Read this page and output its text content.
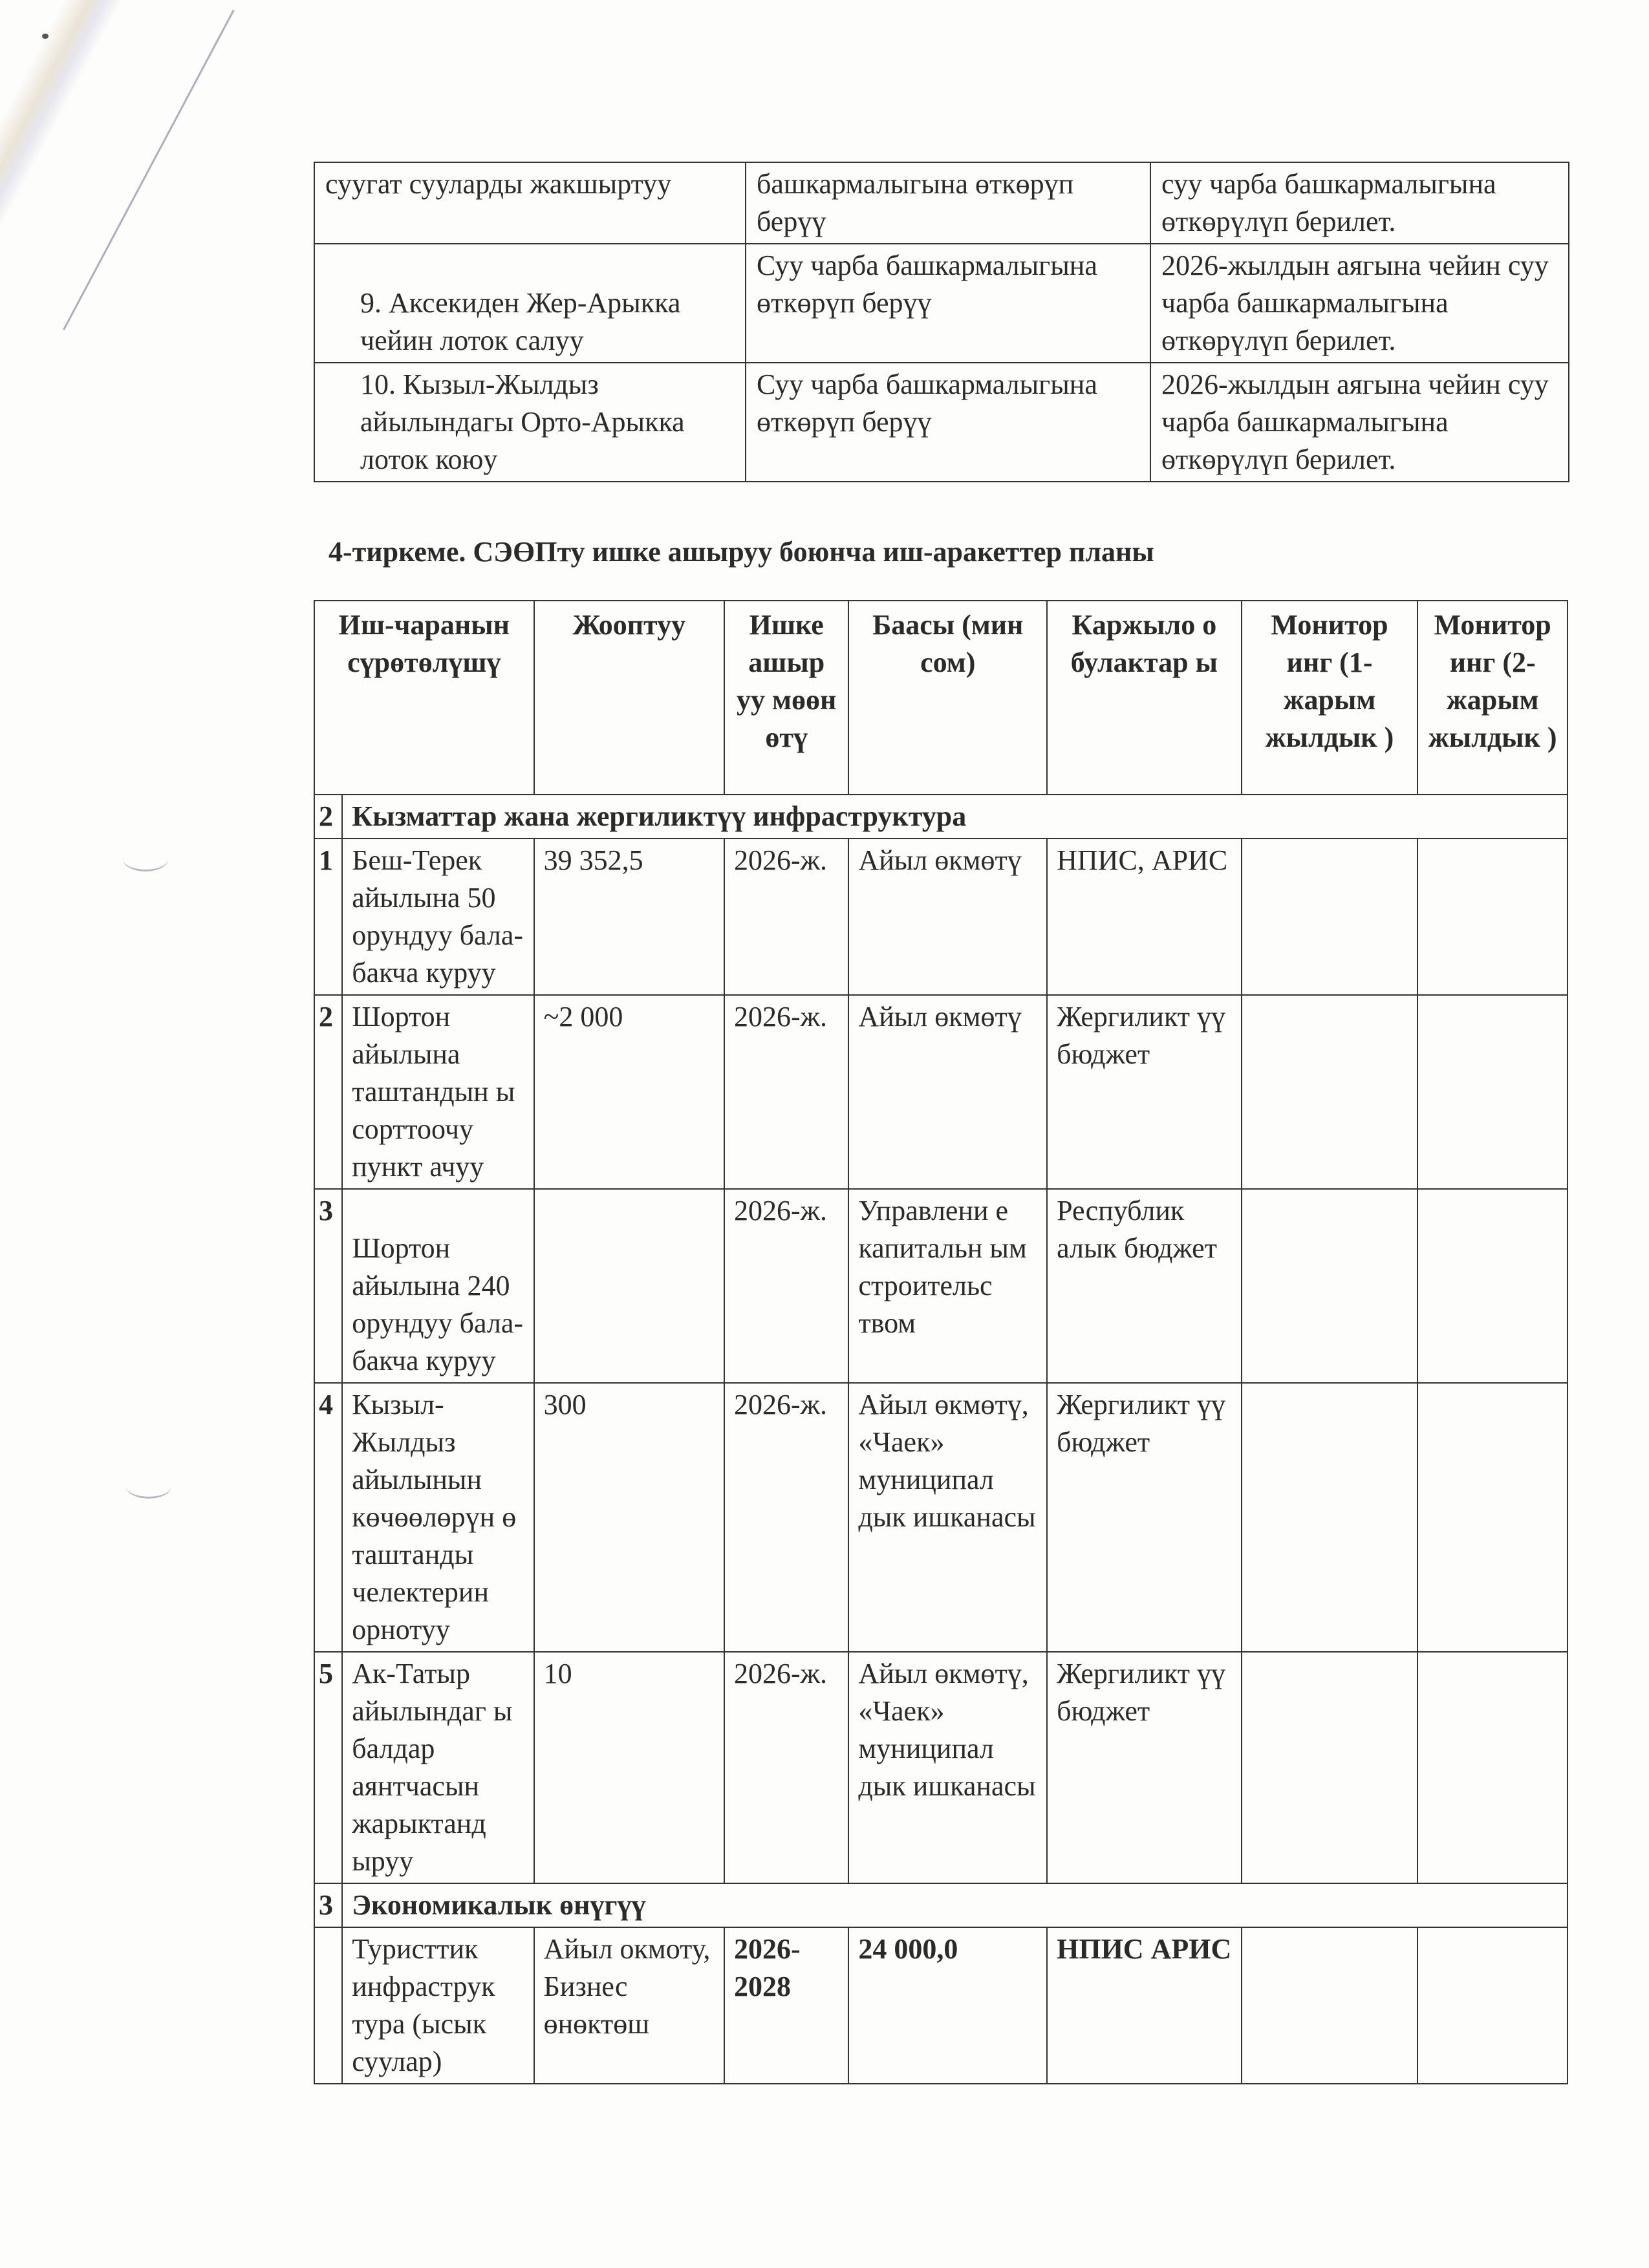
суугат сууларды жакшыртуу	башкармалыгына өткөрүп берүү	суу чарба башкармалыгына өткөрүлүп берилет.
9. Аксекиден Жер-Арыкка чейин лоток салуу	Суу чарба башкармалыгына өткөрүп берүү	2026-жылдын аягына чейин суу чарба башкармалыгына өткөрүлүп берилет.
10. Кызыл-Жылдыз айылындагы Орто-Арыкка лоток коюу	Суу чарба башкармалыгына өткөрүп берүү	2026-жылдын аягына чейин суу чарба башкармалыгына өткөрүлүп берилет.
4-тиркеме. СЭӨПту ишке ашыруу боюнча иш-аракеттер планы
Иш-чаранын сүрөтөлүшү		Жоoптуу	Ишке ашыр уу мөөн өтү	Баасы (мин сом)	Каржыло о булактар ы	Монитор инг (1-жарым жылдык )	Монитор инг (2-жарым жылдык )
2	Кызматтар жана жергиликтүү инфраструктура						
1	Беш-Терек айылына 50 орундуу бала-бакча куруу	39 352,5	2026-ж.	Айыл өкмөтү	НПИС, АРИС		
2	Шортон айылына таштандын ы сорттоочу пункт ачуу	~2 000	2026-ж.	Айыл өкмөтү	Жергиликт үү бюджет		
3	Шортон айылына 240 орундуу бала-бакча куруу		2026-ж.	Управлени е капитальн ым строительс твом	Республик алык бюджет		
4	Кызыл-Жылдыз айылынын көчөөлөрүн ө таштанды челектерин орнотуу	300	2026-ж.	Айыл өкмөтү, «Чаек» муниципал дык ишканасы	Жергиликт үү бюджет		
5	Ак-Татыр айылындаг ы балдар аянтчасын жарыктанд ыруу	10	2026-ж.	Айыл өкмөтү, «Чаек» муниципал дык ишканасы	Жергиликт үү бюджет		
3	Экономикалык өнүгүү						
	Туристтик инфраструк тура (ысык суулар)	Айыл окмоту, Бизнес өнөктөш	2026-2028	24 000,0	НПИС АРИС		
